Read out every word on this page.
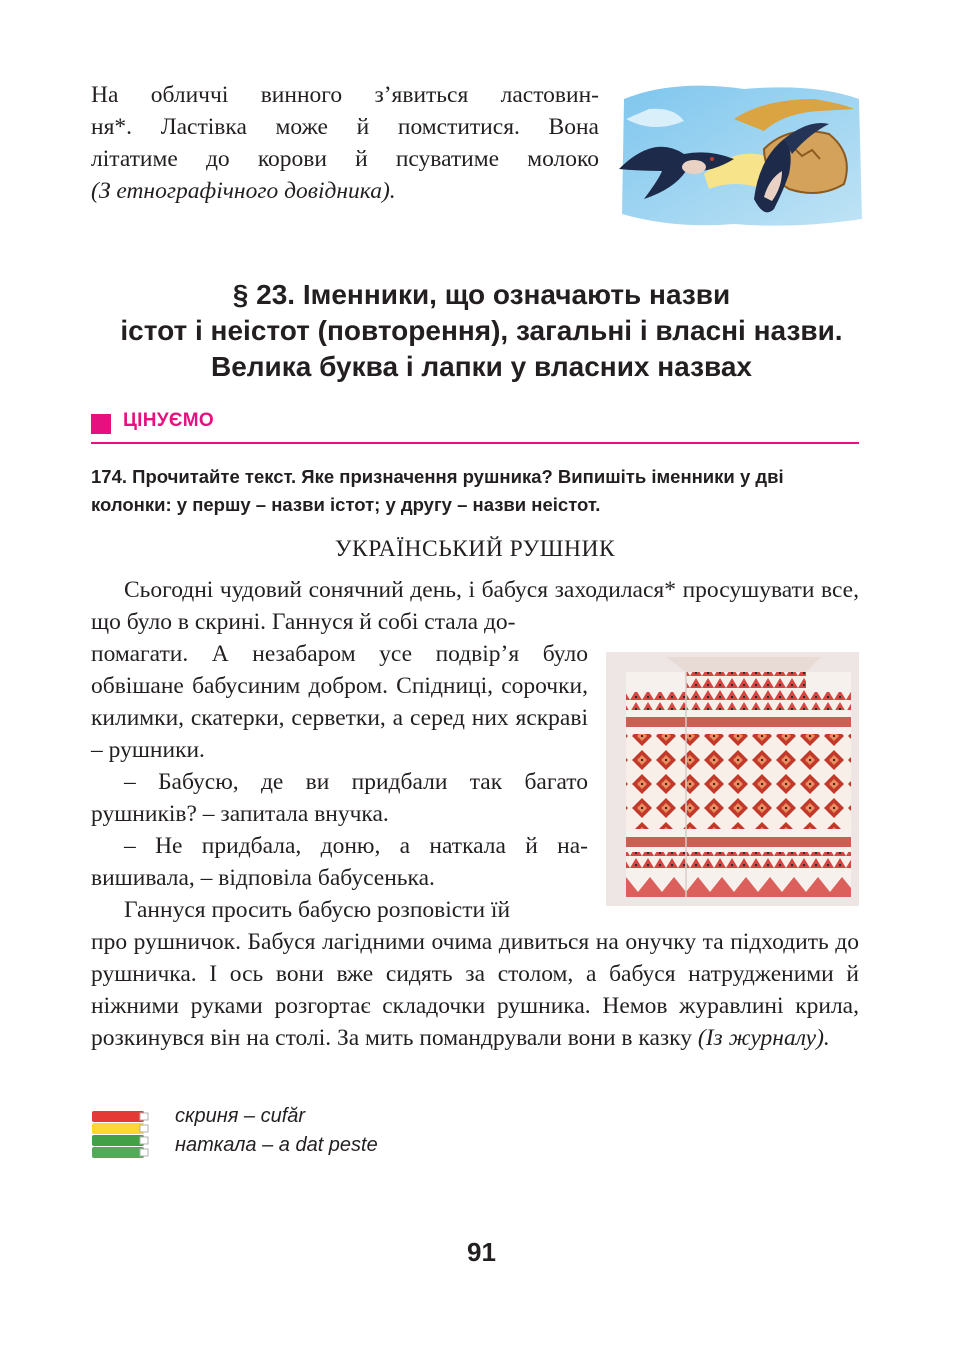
На обличчі винного з’явиться ластовин-

ня*. Ластівка може й помститися. Вона

літатиме до корови й псуватиме молоко

(З етнографічного довідника).

§ 23. Іменники, що означають назви
істот і неістот (повторення), загальні і власні назви.
Велика буква і лапки у власних назвах
ЦІНУЄМО
174. Прочитайте текст. Яке призначення рушника? Випишіть іменники у дві колонки: у першу – назви істот; у другу – назви неістот.
УКРАЇНСЬКИЙ РУШНИК

Сьогодні чудовий сонячний день, і бабуся заходилася* просушувати все, що було в скрині. Ганнуся й собі стала до-

помагати. А незабаром усе подвір’я було обвішане бабусиним добром. Спідниці, сорочки, килимки, скатерки, серветки, а серед них яскраві – рушники.

– Бабусю, де ви придбали так багато рушників? – запитала внучка.

– Не придбала, доню, а наткала й навишивала, – відповіла бабусенька.

Ганнуся просить бабусю розповісти їй

про рушничок. Бабуся лагідними очима дивиться на онучку та підходить до рушничка. І ось вони вже сидять за столом, а бабуся натрудженими й ніжними руками розгортає складочки рушника. Немов журавлині крила, розкинувся він на столі. За мить помандрували вони в казку (Із журналу).

скриня – cufăr
наткала – a dat peste
91
